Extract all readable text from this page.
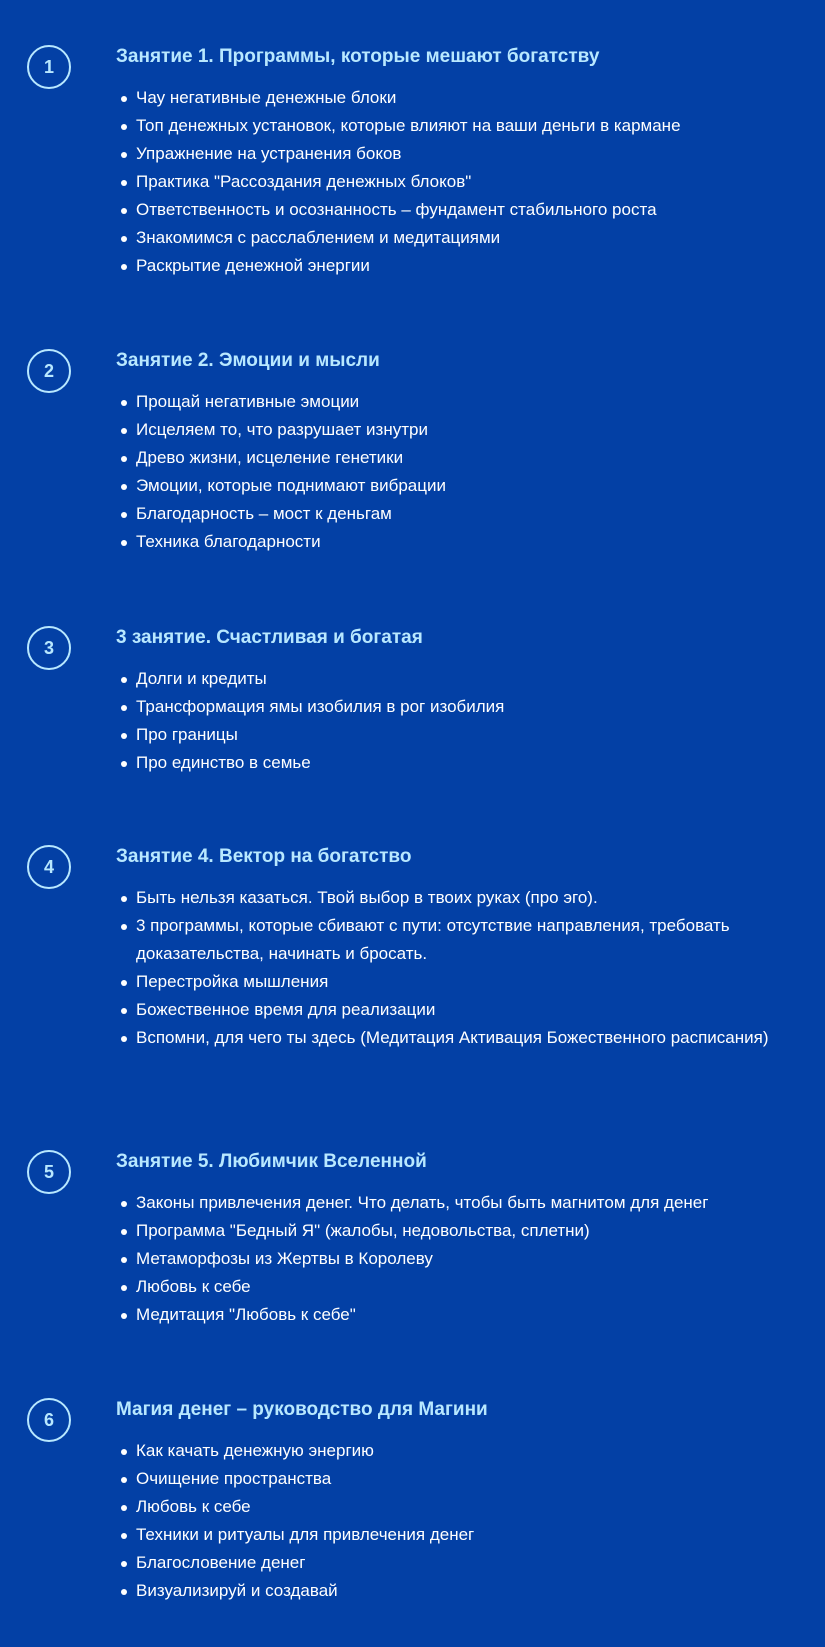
1	Занятие 1. Программы, которые мешают богатству
Чау негативные денежные блоки
Топ денежных установок, которые влияют на ваши деньги в кармане
Упражнение на устранения боков
Практика "Рассоздания денежных блоков"
Ответственность и осознанность – фундамент стабильного роста
Знакомимся с расслаблением и медитациями
Раскрытие денежной энергии
2	Занятие 2. Эмоции и мысли
Прощай негативные эмоции
Исцеляем то, что разрушает изнутри
Древо жизни, исцеление генетики
Эмоции, которые поднимают вибрации
Благодарность – мост к деньгам
Техника благодарности
3	3 занятие. Счастливая и богатая
Долги и кредиты
Трансформация ямы изобилия в рог изобилия
Про границы
Про единство в семье
4	Занятие 4. Вектор на богатство
Быть нельзя казаться. Твой выбор в твоих руках (про эго).
3 программы, которые сбивают с пути: отсутствие направления, требовать доказательства, начинать и бросать.
Перестройка мышления
Божественное время для реализации
Вспомни, для чего ты здесь (Медитация Активация Божественного расписания)
5	Занятие 5. Любимчик Вселенной
Законы привлечения денег. Что делать, чтобы быть магнитом для денег
Программа "Бедный Я" (жалобы, недовольства, сплетни)
Метаморфозы из Жертвы в Королеву
Любовь к себе
Медитация "Любовь к себе"
6	Магия денег – руководство для Магини
Как качать денежную энергию
Очищение пространства
Любовь к себе
Техники и ритуалы для привлечения денег
Благословение денег
Визуализируй и создавай
